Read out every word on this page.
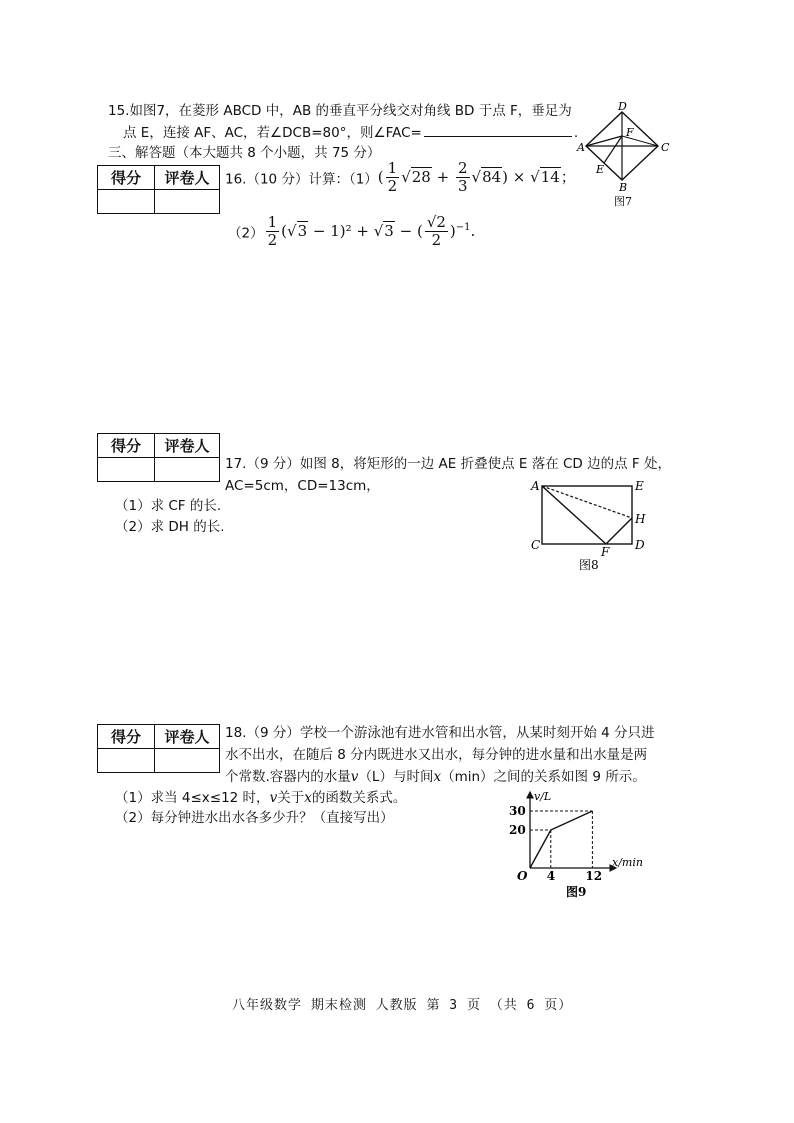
15.如图7，在菱形 ABCD 中，AB 的垂直平分线交对角线 BD 于点 F，垂足为
点 E，连接 AF、AC，若∠DCB=80°，则∠FAC=	.
D
A	C
B
E
F
图7
三、解答题（本大题共 8 个小题，共 75 分）
得分	评卷人
	16.（10 分）计算：$(1)( \frac{1}{2} √28 + \frac{2}{3} √84) \times √14$；
$(2) \frac{1}{2} (√3 - 1)^2 + √3$ − ( $\frac{√2}{2} )^{-1}$.
得分	评卷人

17.（9 分）如图 8，将矩形的一边 AE 折叠使点 E 落在 CD 边的点 F 处，
AC=5cm，CD=13cm，
（1）求 CF 的长.
（2）求 DH 的长.
A	E
H
C	F D
图8
得分	评卷人
	18.（9 分）学校一个游泳池有进水管和出水管，从某时刻开始 4 分只进
水不出水，在随后 8 分内既进水又出水，每分钟的进水量和出水量是两
个常数.容器内的水量v（L）与时间x（min）之间的关系如图 9 所示。
（1）求当 4≤x≤12 时，v关于x的函数关系式。
（2）每分钟进水出水各多少升？（直接写出）
v/L
x/min
O
30
20
4	12
图9
八年级数学 期末检测 人教版 第 3 页 （共 6 页）
